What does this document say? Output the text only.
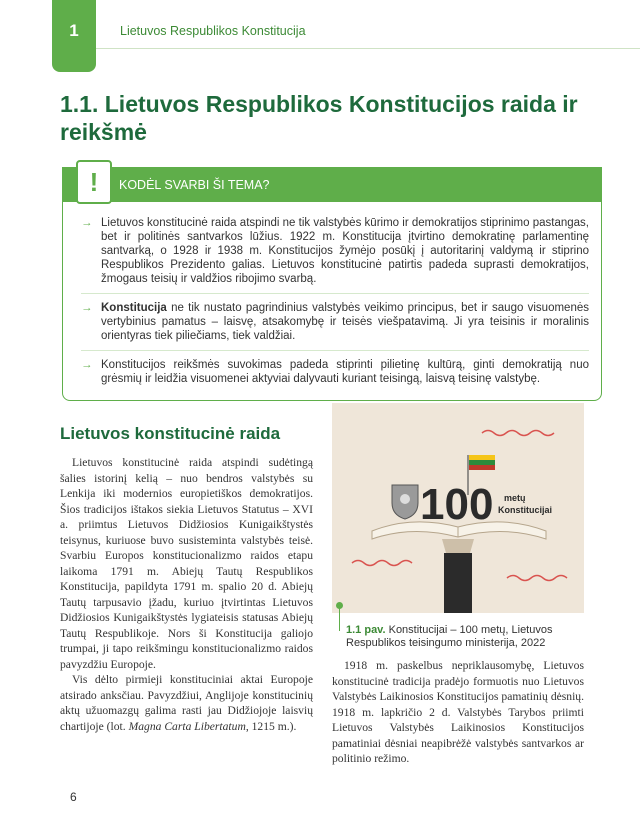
1	Lietuvos Respublikos Konstitucija
1.1. Lietuvos Respublikos Konstitucijos raida ir reikšmė
KODĖL SVARBI ŠI TEMA?
!
→ Lietuvos konstitucinė raida atspindi ne tik valstybės kūrimo ir demokratijos stiprinimo pastangas, bet ir politinės santvarkos lūžius. 1922 m. Konstitucija įtvirtino demokratinę parlamentinę santvarką, o 1928 ir 1938 m. Konstitucijos žymėjo posūkį į autoritarinį valdymą ir stiprino Respublikos Prezidento galias. Lietuvos konstitucinė patirtis padeda suprasti demokratijos, žmogaus teisių ir valdžios ribojimo svarbą.
→ Konstitucija ne tik nustato pagrindinius valstybės veikimo principus, bet ir saugo visuomenės vertybinius pamatus – laisvę, atsakomybę ir teisės viešpatavimą. Ji yra teisinis ir moralinis orientyras tiek piliečiams, tiek valdžiai.
→ Konstitucijos reikšmės suvokimas padeda stiprinti pilietinę kultūrą, ginti demokratiją nuo grėsmių ir leidžia visuomenei aktyviai dalyvauti kuriant teisingą, laisvą teisinę valstybę.
Lietuvos konstitucinė raida

Lietuvos konstitucinė raida atspindi sudėtingą šalies istorinį kelią – nuo bendros valstybės su Lenkija iki modernios europietiškos demokratijos. Šios tradicijos ištakos siekia Lietuvos Statutus – XVI a. priimtus Lietuvos Didžiosios Kunigaikštystės teisynus, kuriuose buvo susisteminta valstybės teisė. Svarbiu Europos konstitucionalizmo raidos etapu laikoma 1791 m. Abiejų Tautų Respublikos Konstitucija, papildyta 1791 m. spalio 20 d. Abiejų Tautų tarpusavio įžadu, kuriuo įtvirtintas Lietuvos Didžiosios Kunigaikštystės lygiateisis statusas Abiejų Tautų Respublikoje. Nors ši Konstitucija galiojo trumpai, ji tapo reikšmingu konstitucionalizmo raidos pavyzdžiu Europoje.

Vis dėlto pirmieji konstituciniai aktai Europoje atsirado anksčiau. Pavyzdžiui, Anglijoje konstitucinių aktų užuomazgų galima rasti jau Didžiojoje laisvių chartijoje (lot. Magna Carta Libertatum, 1215 m.).

100 metų
Konstitucijai
1.1 pav. Konstitucijai – 100 metų, Lietuvos Respublikos teisingumo ministerija, 2022

1918 m. paskelbus nepriklausomybę, Lietuvos konstitucinė tradicija pradėjo formuotis nuo Lietuvos Valstybės Laikinosios Konstitucijos pamatinių dėsnių. 1918 m. lapkričio 2 d. Valstybės Tarybos priimti Lietuvos Valstybės Laikinosios Konstitucijos pamatiniai dėsniai neapibrėžė valstybės santvarkos ar politinio režimo.

6
